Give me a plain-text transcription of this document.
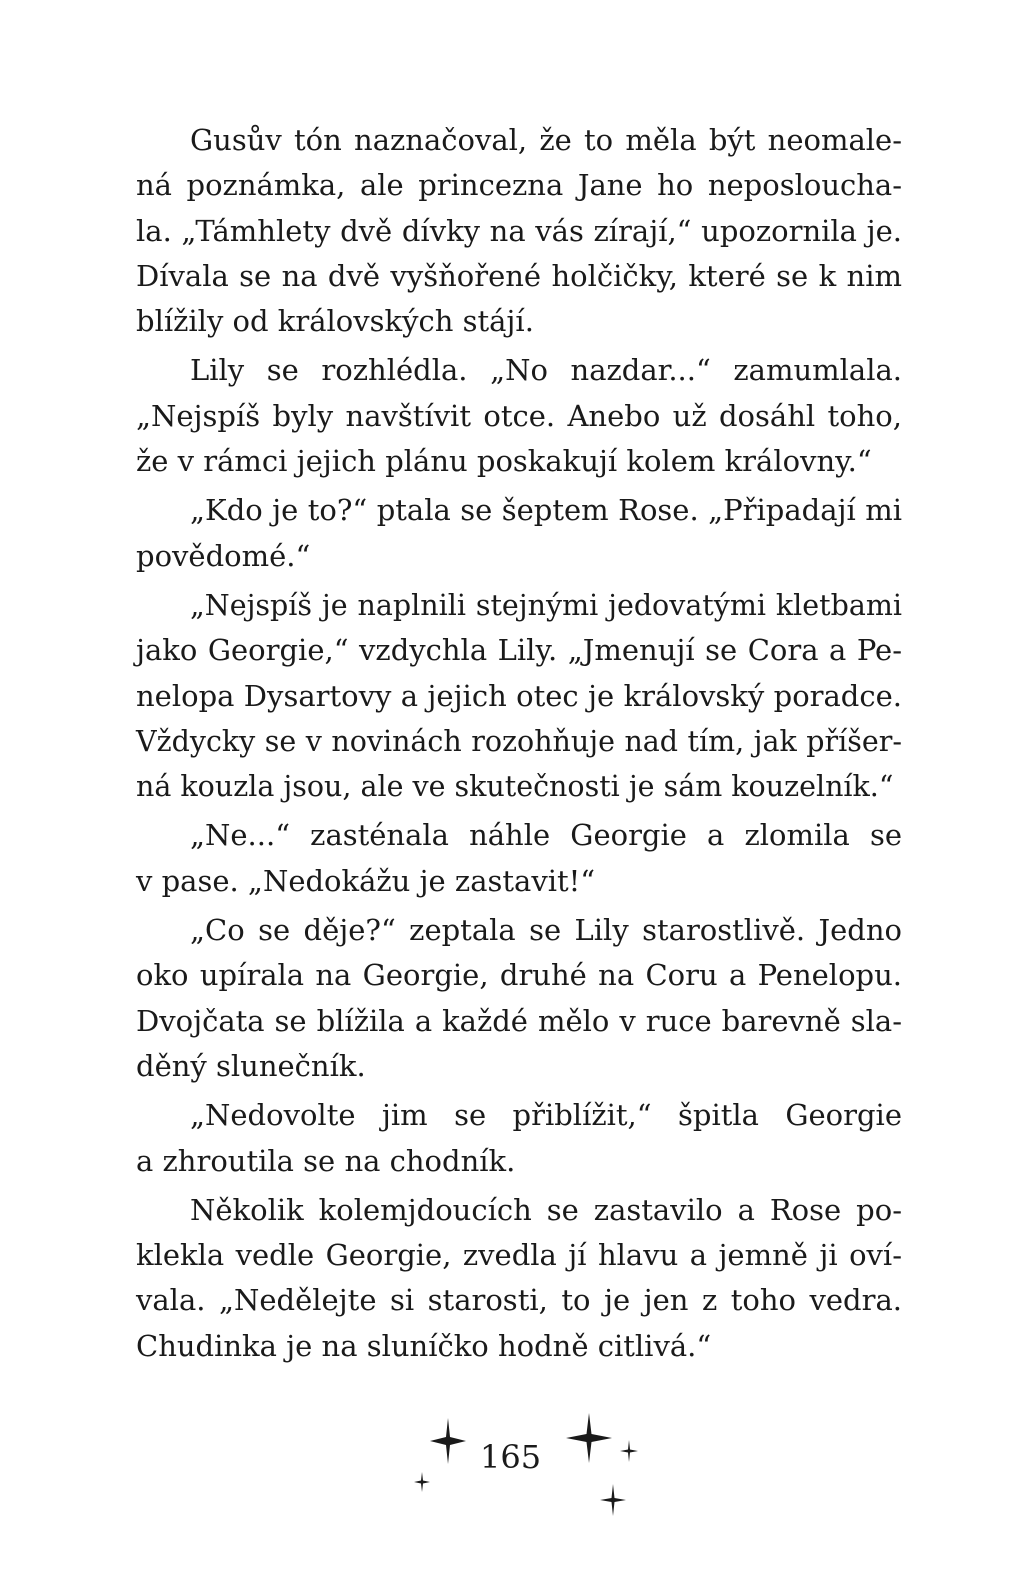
Gusův tón naznačoval, že to měla být neomale-
ná poznámka, ale princezna Jane ho neposloucha-
la. „Támhlety dvě dívky na vás zírají,“ upozornila je.
Dívala se na dvě vyšňořené holčičky, které se k nim
blížily od královských stájí.
Lily se rozhlédla. „No nazdar...“ zamumlala.
„Nejspíš byly navštívit otce. Anebo už dosáhl toho,
že v rámci jejich plánu poskakují kolem královny.“
„Kdo je to?“ ptala se šeptem Rose. „Připadají mi
povědomé.“
„Nejspíš je naplnili stejnými jedovatými kletbami
jako Georgie,“ vzdychla Lily. „Jmenují se Cora a Pe-
nelopa Dysartovy a jejich otec je královský poradce.
Vždycky se v novinách rozohňuje nad tím, jak příšer-
ná kouzla jsou, ale ve skutečnosti je sám kouzelník.“
„Ne...“ zasténala náhle Georgie a zlomila se
v pase. „Nedokážu je zastavit!“
„Co se děje?“ zeptala se Lily starostlivě. Jedno
oko upírala na Georgie, druhé na Coru a Penelopu.
Dvojčata se blížila a každé mělo v ruce barevně sla-
děný slunečník.
„Nedovolte jim se přiblížit,“ špitla Georgie
a zhroutila se na chodník.
Několik kolemjdoucích se zastavilo a Rose po-
klekla vedle Georgie, zvedla jí hlavu a jemně ji oví-
vala. „Nedělejte si starosti, to je jen z toho vedra.
Chudinka je na sluníčko hodně citlivá.“
165
